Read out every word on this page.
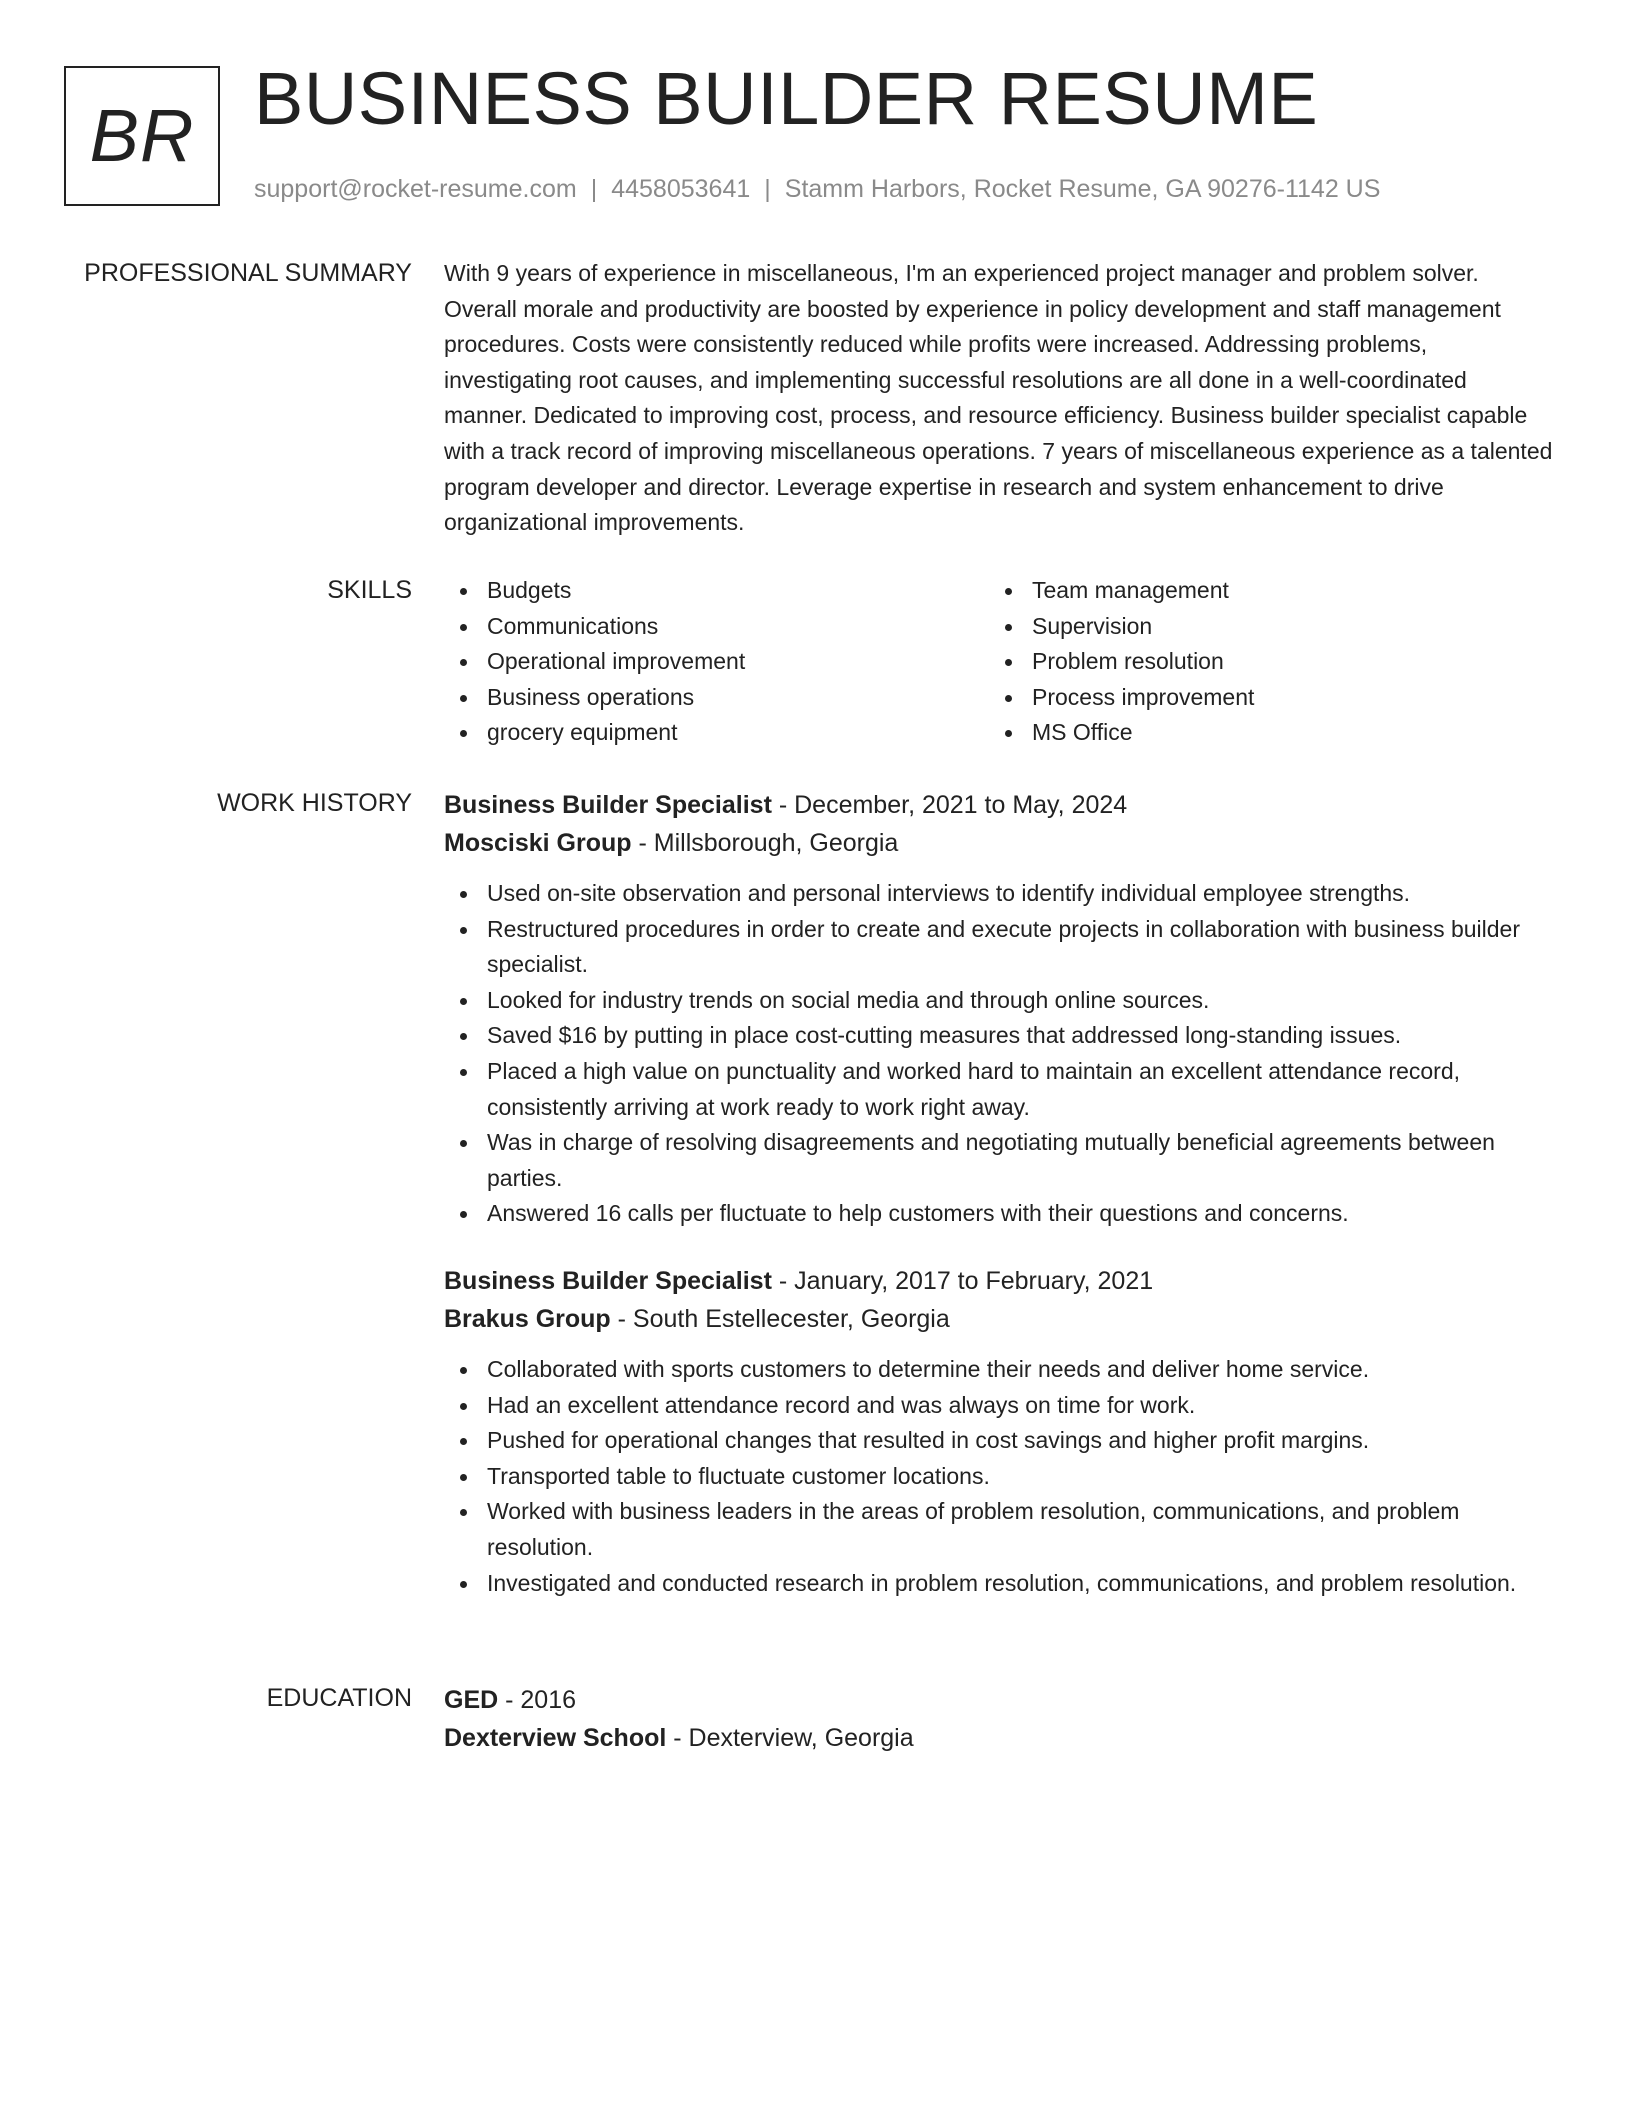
BR BUSINESS BUILDER RESUME
support@rocket-resume.com | 4458053641 | Stamm Harbors, Rocket Resume, GA 90276-1142 US
PROFESSIONAL SUMMARY With 9 years of experience in miscellaneous, I'm an experienced project manager and problem solver. Overall morale and productivity are boosted by experience in policy development and staff management procedures. Costs were consistently reduced while profits were increased. Addressing problems, investigating root causes, and implementing successful resolutions are all done in a well-coordinated manner. Dedicated to improving cost, process, and resource efficiency. Business builder specialist capable with a track record of improving miscellaneous operations. 7 years of miscellaneous experience as a talented program developer and director. Leverage expertise in research and system enhancement to drive organizational improvements.

SKILLS	Budgets
Communications
Operational improvement
Business operations
grocery equipment
Team management
Supervision
Problem resolution
Process improvement
MS Office
WORK HISTORY Business Builder Specialist - December, 2021 to May, 2024
Mosciski Group - Millsborough, Georgia
Used on-site observation and personal interviews to identify individual employee strengths.
Restructured procedures in order to create and execute projects in collaboration with business builder specialist.
Looked for industry trends on social media and through online sources.
Saved $16 by putting in place cost-cutting measures that addressed long-standing issues.
Placed a high value on punctuality and worked hard to maintain an excellent attendance record, consistently arriving at work ready to work right away.
Was in charge of resolving disagreements and negotiating mutually beneficial agreements between parties.
Answered 16 calls per fluctuate to help customers with their questions and concerns.
Business Builder Specialist - January, 2017 to February, 2021
Brakus Group - South Estellecester, Georgia
Collaborated with sports customers to determine their needs and deliver home service.
Had an excellent attendance record and was always on time for work.
Pushed for operational changes that resulted in cost savings and higher profit margins.
Transported table to fluctuate customer locations.
Worked with business leaders in the areas of problem resolution, communications, and problem resolution.
Investigated and conducted research in problem resolution, communications, and problem resolution.
EDUCATION GED - 2016
Dexterview School - Dexterview, Georgia
